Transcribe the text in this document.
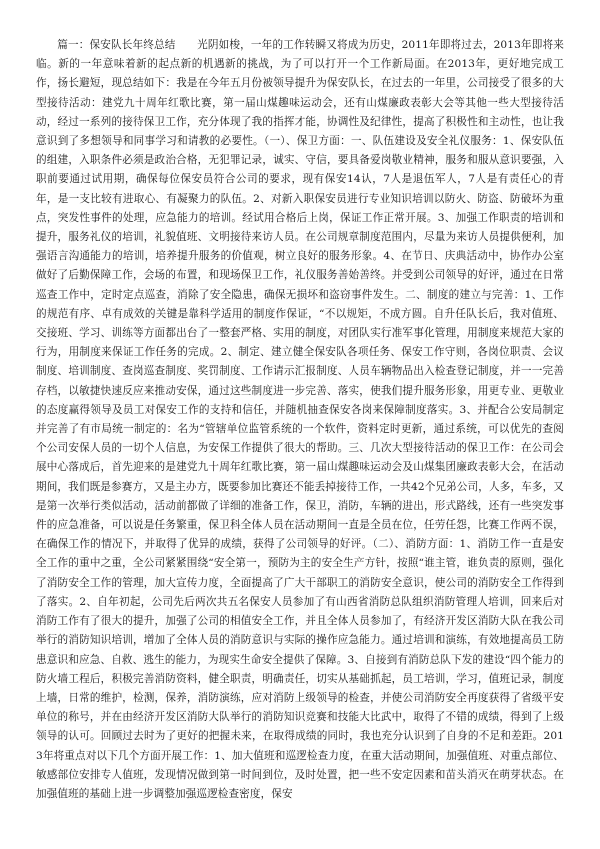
篇一：保安队长年终总结　　 光阴如梭，一年的工作转瞬又将成为历史，2011年即将过去，2013年即将来临。新的一年意味着新的起点新的机遇新的挑战，为了可以打开一个工作新局面。在2013年，更好地完成工作，扬长避短，现总结如下：我是在今年五月份被领导提升为保安队长，在过去的一年里，公司接受了很多的大型接待活动：建党九十周年红歌比赛，第一届山煤趣味运动会，还有山煤廉政表彰大会等其他一些大型接待活动，经过一系列的接待保卫工作，充分体现了我的指挥才能，协调性及纪律性，提高了积极性和主动性，也让我意识到了多想领导和同事学习和请教的必要性。（一）、保卫方面：一、队伍建设及安全礼仪服务：1、保安队伍的组建，入职条件必须是政治合格，无犯罪记录，诚实、守信，要具备爱岗敬业精神，服务和服从意识要强，入职前要通过试用期，确保每位保安员符合公司的要求，现有保安14认，7人是退伍军人，7人是有责任心的青年，是一支比较有进取心、有凝聚力的队伍。2、对新入职保安员进行专业知识培训以防火、防盗、防破坏为重点，突发性事件的处理，应急能力的培训。经试用合格后上岗，保证工作正常开展。3、加强工作职责的培训和提升，服务礼仪的培训，礼貌值班、文明接待来访人员。在公司规章制度范围内，尽量为来访人员提供便利，加强语言沟通能力的培训，培养提升服务的价值观，树立良好的服务形象。4、在节日、庆典活动中，协作办公室做好了后勤保障工作，会场的布置，和现场保卫工作，礼仪服务善始善终。并受到公司领导的好评，通过在日常巡查工作中，定时定点巡查，消除了安全隐患，确保无损坏和盗窃事件发生。二、制度的建立与完善：1、工作的规范有序、卓有成效的关键是靠科学适用的制度作保证，“不以规矩，不成方圆。自升任队长后，我对值班、交接班、学习、训练等方面都出台了一整套严格、实用的制度，对团队实行准军事化管理，用制度来规范大家的行为，用制度来保证工作任务的完成。2、制定、建立健全保安队各项任务、保安工作守则，各岗位职责、会议制度、培训制度、查岗巡查制度、奖罚制度、工作请示汇报制度、人员车辆物品出入检查登记制度，并一一完善存档，以敏捷快速反应来推动安保，通过这些制度进一步完善、落实，使我们提升服务形象，用更专业、更敬业的态度赢得领导及员工对保安工作的支持和信任，并随机抽查保安各岗来保障制度落实。3、并配合公安局制定并完善了有市局统一制定的：名为“管辖单位监管系统的一个软件，资料定时更新，通过系统，可以优先的查阅个公司安保人员的一切个人信息，为安保工作提供了很大的帮助。三、几次大型接待活动的保卫工作：在公司会展中心落成后，首先迎来的是建党九十周年红歌比赛，第一届山煤趣味运动会及山煤集团廉政表彰大会，在活动期间，我们既是参赛方，又是主办方，既要参加比赛还不能丢掉接待工作，一共42个兄弟公司，人多，车多，又是第一次举行类似活动，活动前都做了详细的准备工作，保卫，消防，车辆的进出，形式路线，还有一些突发事件的应急准备，可以说是任务繁重，保卫科全体人员在活动期间一直是全员在位，任劳任怨，比赛工作两不误，在确保工作的情况下，并取得了优异的成绩，获得了公司领导的好评。（二）、消防方面：1、消防工作一直是安全工作的重中之重，全公司紧紧围绕“安全第一，预防为主的安全生产方针，按照“谁主管，谁负责的原则，强化了消防安全工作的管理，加大宣传力度，全面提高了广大干部职工的消防安全意识，使公司的消防安全工作得到了落实。2、自年初起，公司先后两次共五名保安人员参加了有山西省消防总队组织消防管理人培训，回来后对消防工作有了很大的提升，加强了公司的相值安全工作，并且全体人员参加了，有经济开发区消防大队在我公司举行的消防知识培训，增加了全体人员的消防意识与实际的操作应急能力。通过培训和演练，有效地提高员工防患意识和应急、自救、逃生的能力，为现实生命安全提供了保障。3、自接到有消防总队下发的建设“四个能力的防火墙工程后，积极完善消防资料，健全职责，明确责任，切实从基础抓起，员工培训，学习，值班记录，制度上墙，日常的维护，检测，保养，消防演练，应对消防上级领导的检查，并使公司消防安全再度获得了省级平安单位的称号，并在由经济开发区消防大队举行的消防知识竞赛和技能大比武中，取得了不错的成绩，得到了上级领导的认可。回顾过去时为了更好的把握未来，在取得成绩的同时，我也充分认识到了自身的不足和差距。2013年将重点对以下几个方面开展工作：1、加大值班和巡逻检查力度，在重大活动期间，加强值班、对重点部位、敏感部位安排专人值班，发现情况做到第一时间到位，及时处置，把一些不安定因素和苗头消灭在萌芽状态。在加强值班的基础上进一步调整加强巡逻检查密度，保安
